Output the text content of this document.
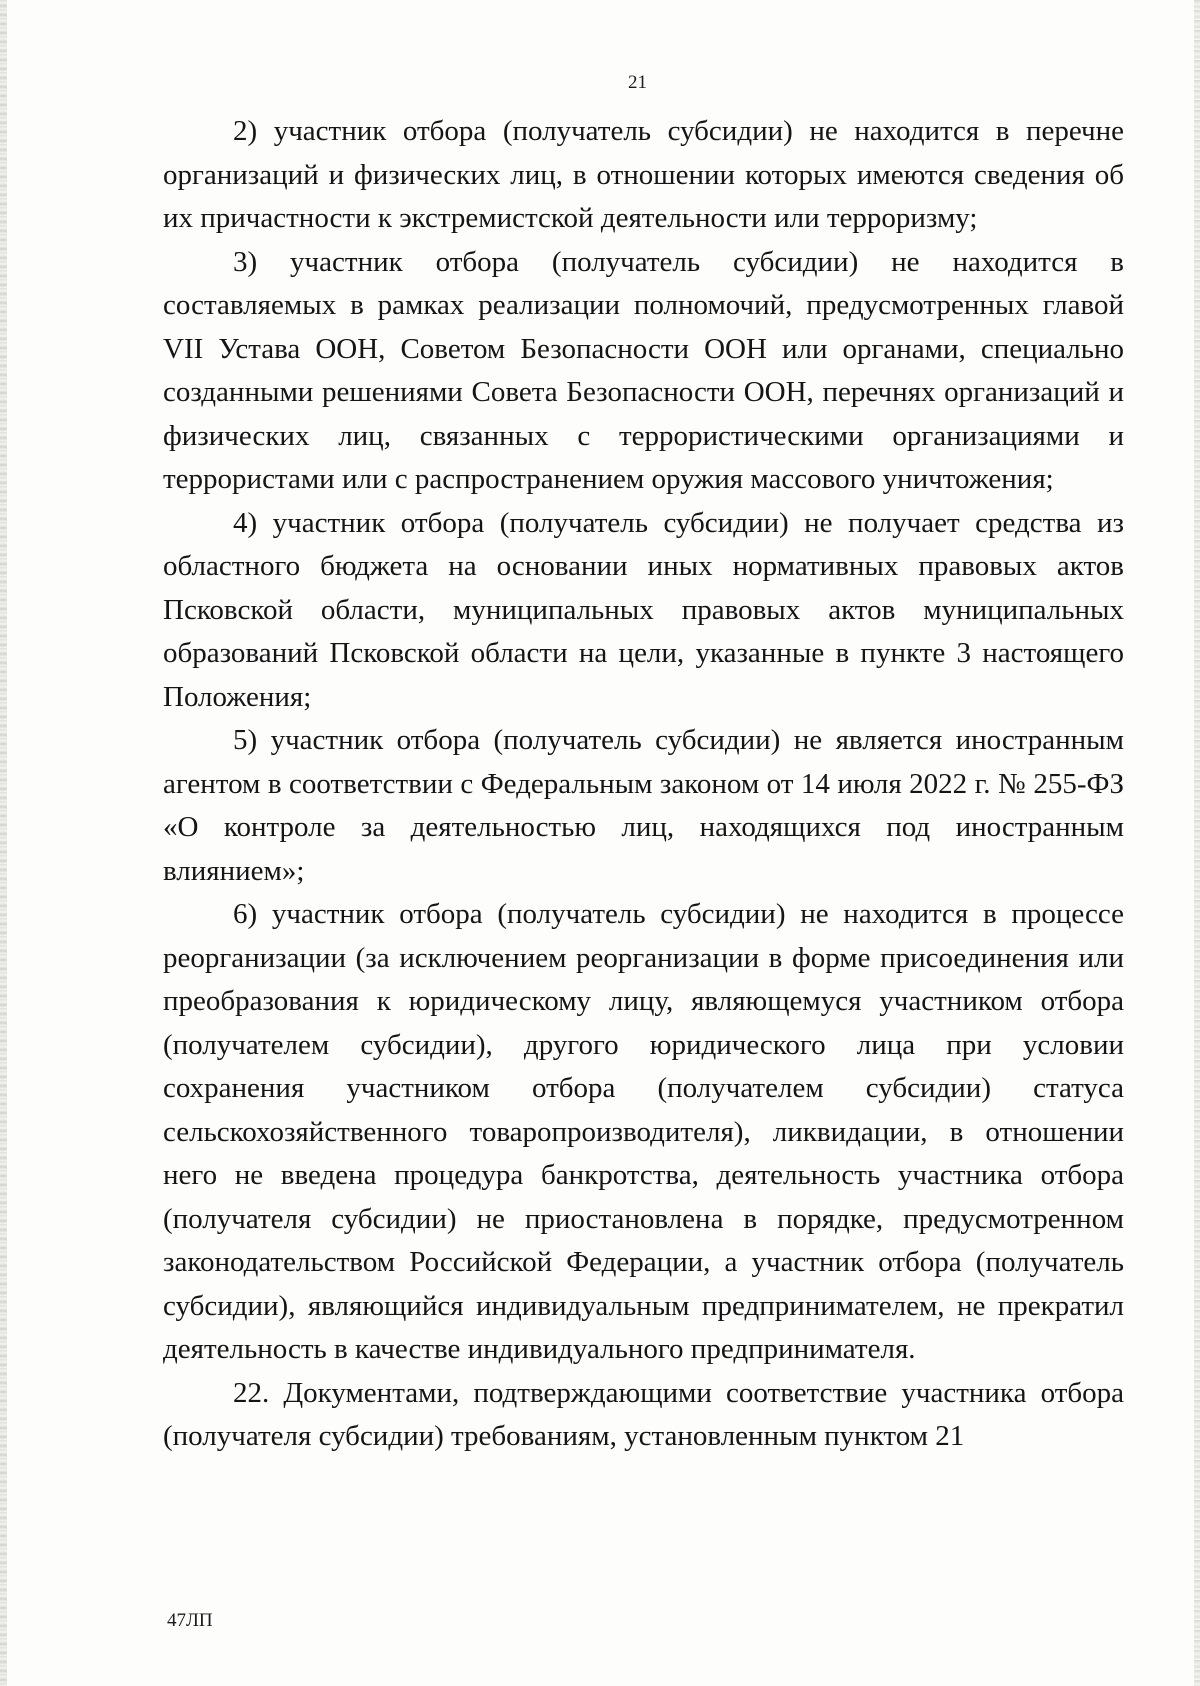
21

2) участник отбора (получатель субсидии) не находится в перечне организаций и физических лиц, в отношении которых имеются сведения об их причастности к экстремистской деятельности или терроризму;

3) участник отбора (получатель субсидии) не находится в составляемых в рамках реализации полномочий, предусмотренных главой VII Устава ООН, Советом Безопасности ООН или органами, специально созданными решениями Совета Безопасности ООН, перечнях организаций и физических лиц, связанных с террористическими организациями и террористами или с распространением оружия массового уничтожения;

4) участник отбора (получатель субсидии) не получает средства из областного бюджета на основании иных нормативных правовых актов Псковской области, муниципальных правовых актов муниципальных образований Псковской области на цели, указанные в пункте 3 настоящего Положения;

5) участник отбора (получатель субсидии) не является иностранным агентом в соответствии с Федеральным законом от 14 июля 2022 г. № 255-ФЗ «О контроле за деятельностью лиц, находящихся под иностранным влиянием»;

6) участник отбора (получатель субсидии) не находится в процессе реорганизации (за исключением реорганизации в форме присоединения или преобразования к юридическому лицу, являющемуся участником отбора (получателем субсидии), другого юридического лица при условии сохранения участником отбора (получателем субсидии) статуса сельскохозяйственного товаропроизводителя), ликвидации, в отношении него не введена процедура банкротства, деятельность участника отбора (получателя субсидии) не приостановлена в порядке, предусмотренном законодательством Российской Федерации, а участник отбора (получатель субсидии), являющийся индивидуальным предпринимателем, не прекратил деятельность в качестве индивидуального предпринимателя.

22. Документами, подтверждающими соответствие участника отбора (получателя субсидии) требованиям, установленным пунктом 21

47ЛП
